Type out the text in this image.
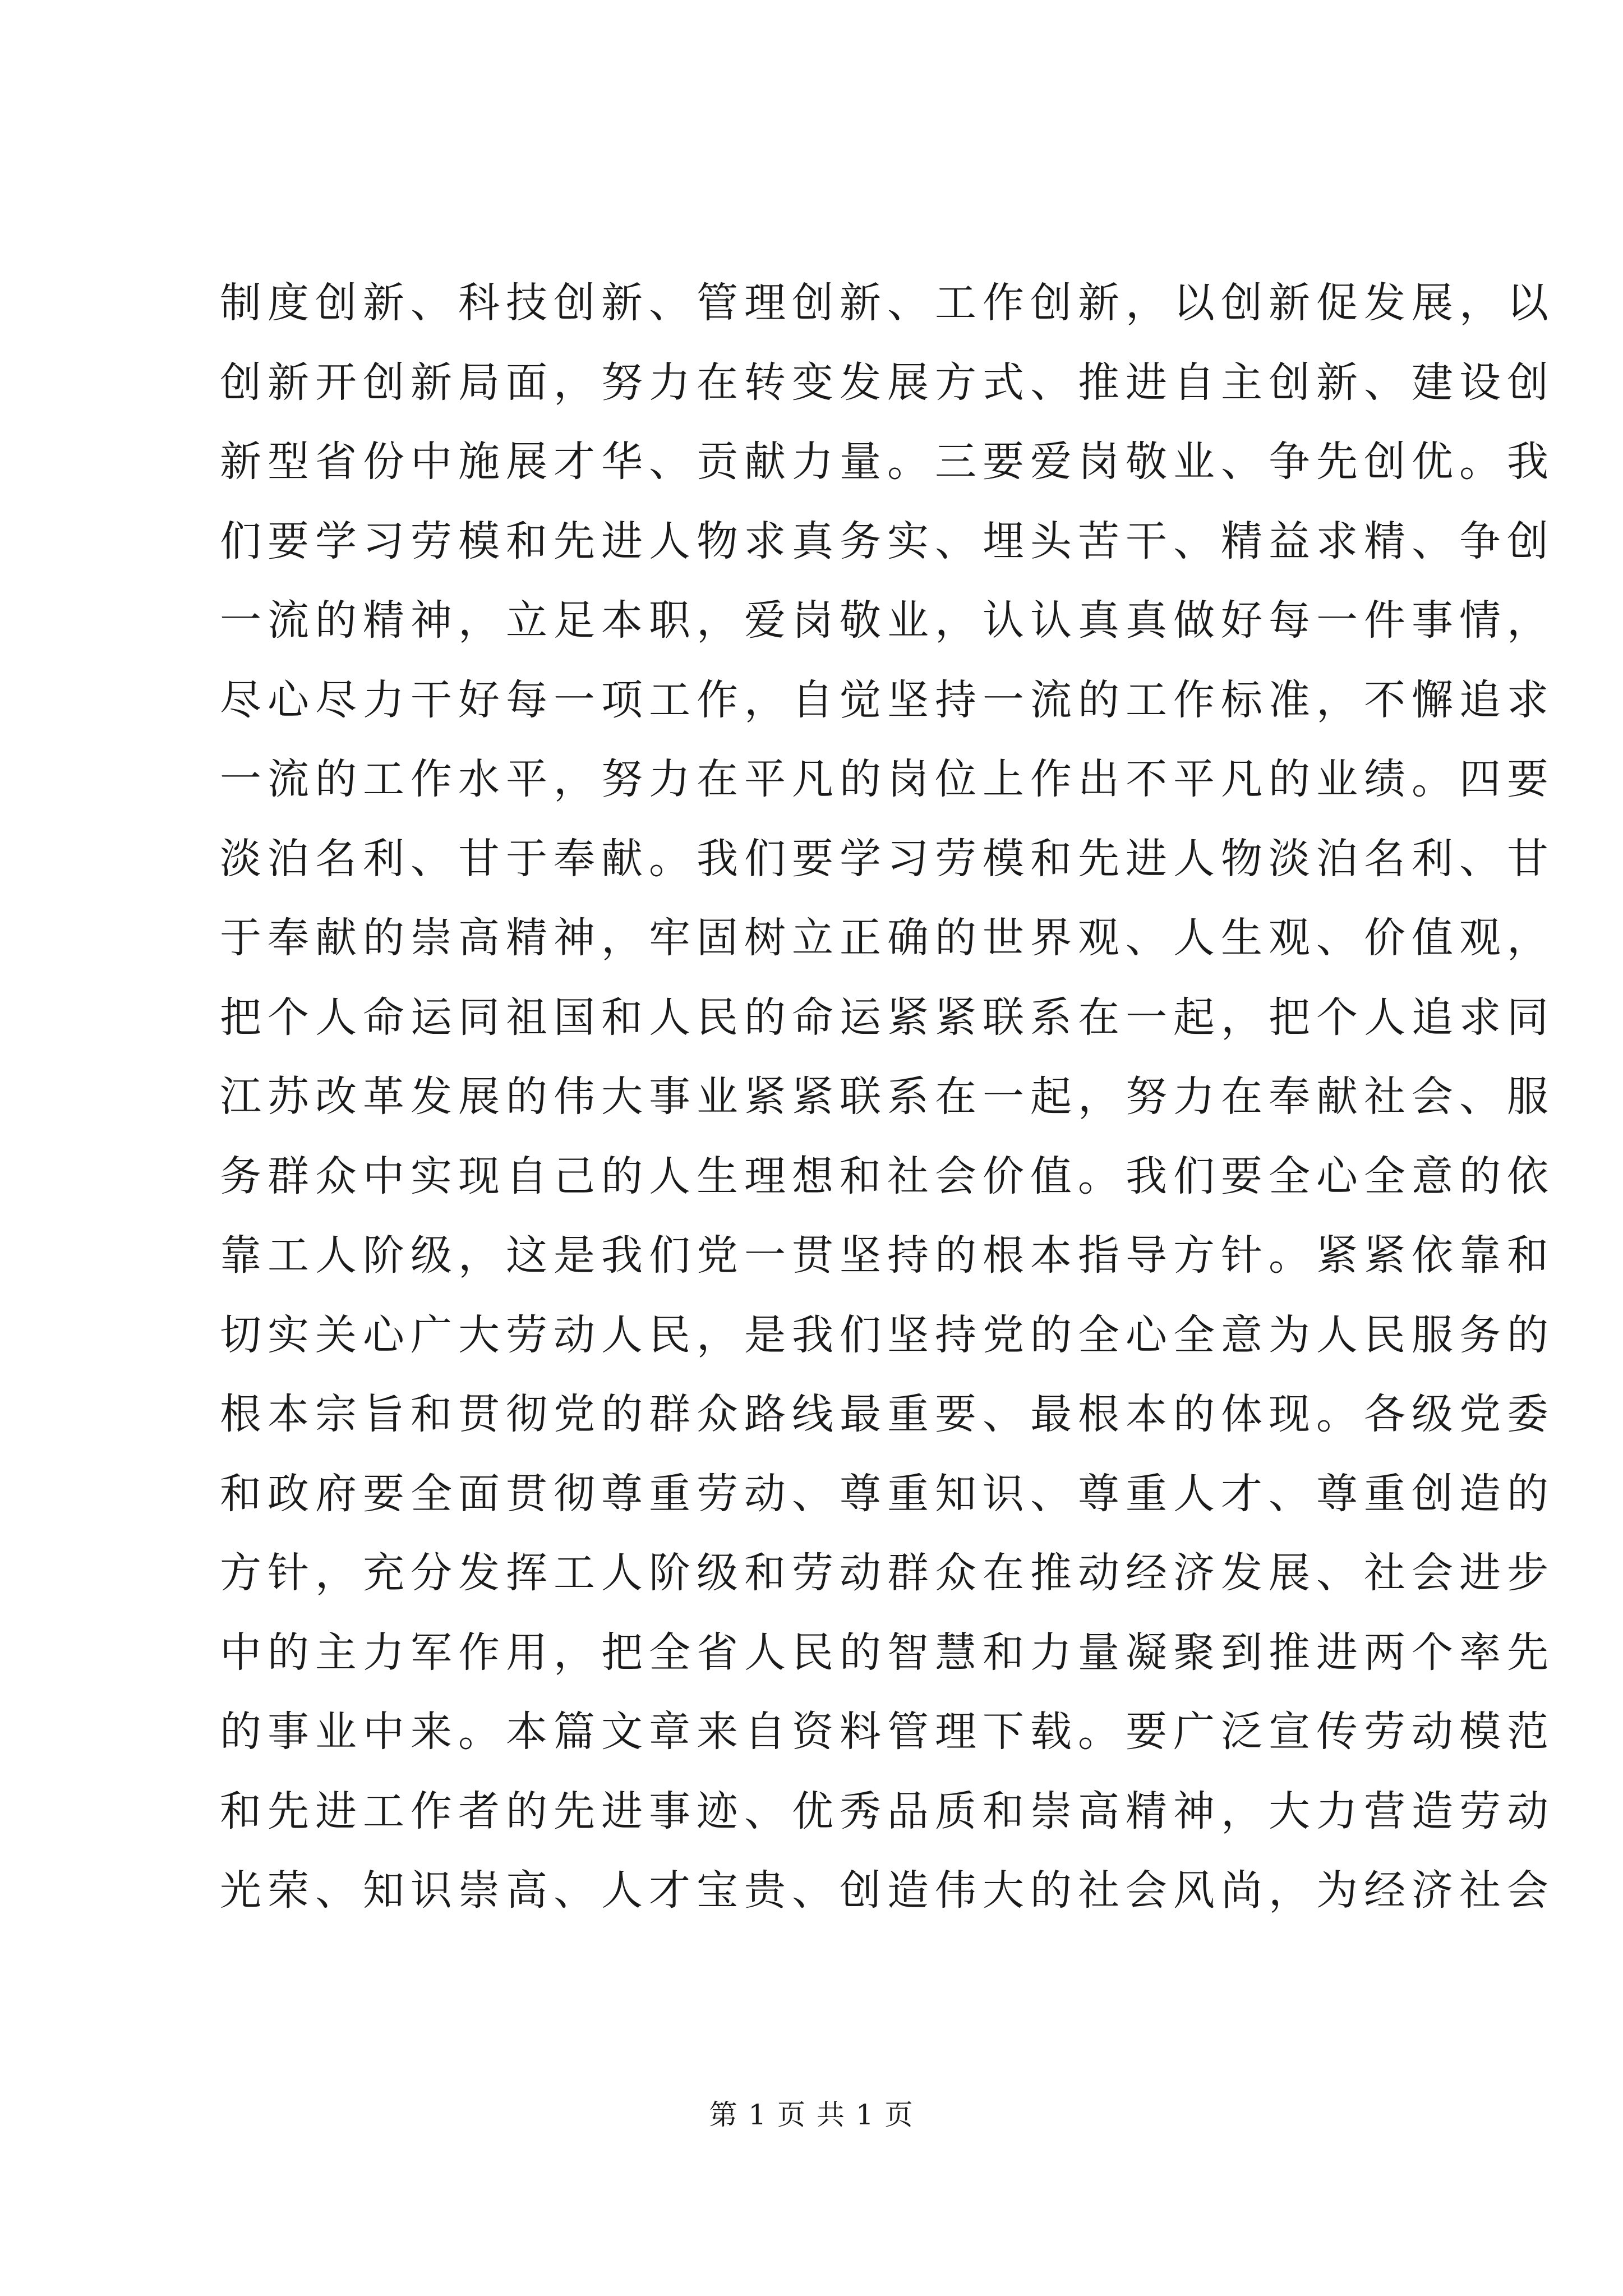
制度创新、科技创新、管理创新、工作创新，以创新促发展，以
创新开创新局面，努力在转变发展方式、推进自主创新、建设创
新型省份中施展才华、贡献力量。三要爱岗敬业、争先创优。我
们要学习劳模和先进人物求真务实、埋头苦干、精益求精、争创
一流的精神，立足本职，爱岗敬业，认认真真做好每一件事情，
尽心尽力干好每一项工作，自觉坚持一流的工作标准，不懈追求
一流的工作水平，努力在平凡的岗位上作出不平凡的业绩。四要
淡泊名利、甘于奉献。我们要学习劳模和先进人物淡泊名利、甘
于奉献的崇高精神，牢固树立正确的世界观、人生观、价值观，
把个人命运同祖国和人民的命运紧紧联系在一起，把个人追求同
江苏改革发展的伟大事业紧紧联系在一起，努力在奉献社会、服
务群众中实现自己的人生理想和社会价值。我们要全心全意的依
靠工人阶级，这是我们党一贯坚持的根本指导方针。紧紧依靠和
切实关心广大劳动人民，是我们坚持党的全心全意为人民服务的
根本宗旨和贯彻党的群众路线最重要、最根本的体现。各级党委
和政府要全面贯彻尊重劳动、尊重知识、尊重人才、尊重创造的
方针，充分发挥工人阶级和劳动群众在推动经济发展、社会进步
中的主力军作用，把全省人民的智慧和力量凝聚到推进两个率先
的事业中来。本篇文章来自资料管理下载。要广泛宣传劳动模范
和先进工作者的先进事迹、优秀品质和崇高精神，大力营造劳动
光荣、知识崇高、人才宝贵、创造伟大的社会风尚，为经济社会
第 1 页 共 1 页
